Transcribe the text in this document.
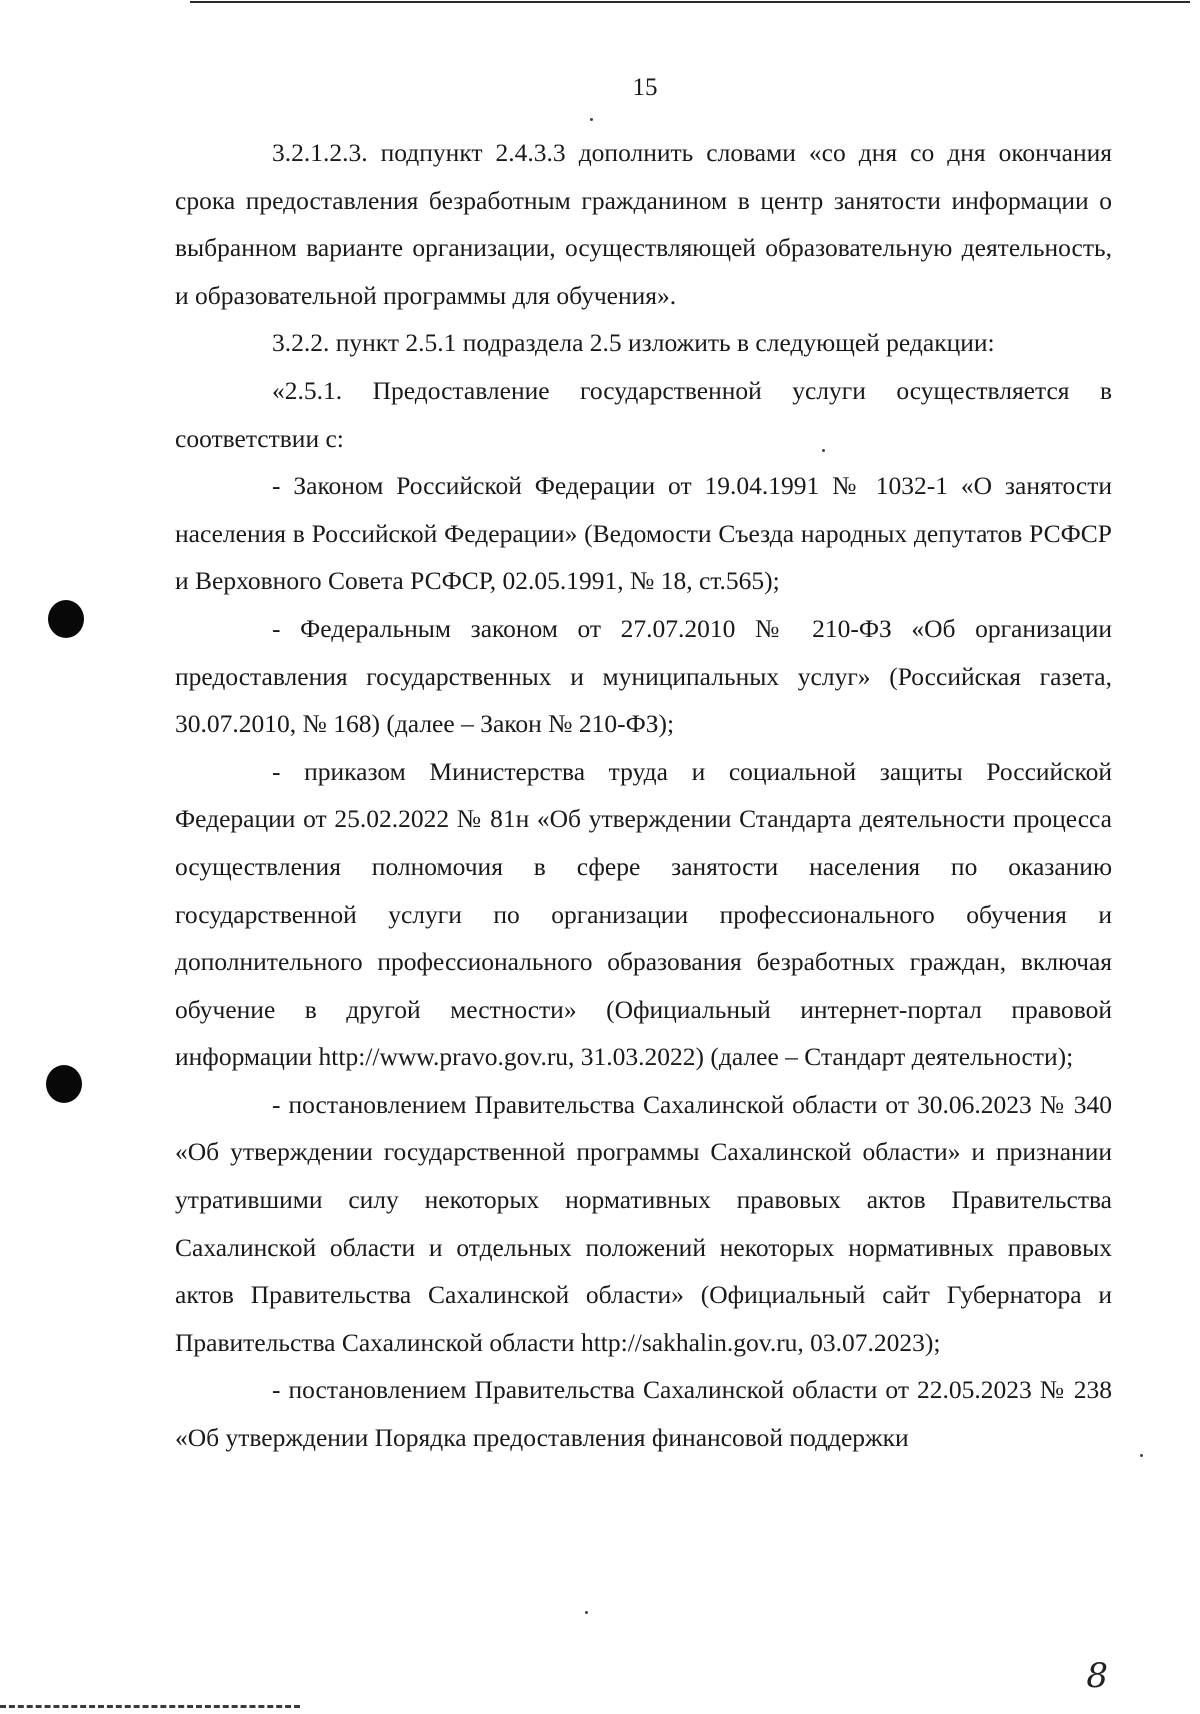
15

3.2.1.2.3. подпункт 2.4.3.3 дополнить словами «со дня со дня окончания срока предоставления безработным гражданином в центр занятости информации о выбранном варианте организации, осуществляющей образовательную деятельность, и образовательной программы для обучения».

3.2.2. пункт 2.5.1 подраздела 2.5 изложить в следующей редакции:

«2.5.1. Предоставление государственной услуги осуществляется в соответствии с:

- Законом Российской Федерации от 19.04.1991 № 1032-1 «О занятости населения в Российской Федерации» (Ведомости Съезда народных депутатов РСФСР и Верховного Совета РСФСР, 02.05.1991, № 18, ст.565);

- Федеральным законом от 27.07.2010 № 210-ФЗ «Об организации предоставления государственных и муниципальных услуг» (Российская газета, 30.07.2010, № 168) (далее – Закон № 210-ФЗ);

- приказом Министерства труда и социальной защиты Российской Федерации от 25.02.2022 № 81н «Об утверждении Стандарта деятельности процесса осуществления полномочия в сфере занятости населения по оказанию государственной услуги по организации профессионального обучения и дополнительного профессионального образования безработных граждан, включая обучение в другой местности» (Официальный интернет-портал правовой информации http://www.pravo.gov.ru, 31.03.2022) (далее – Стандарт деятельности);

- постановлением Правительства Сахалинской области от 30.06.2023 № 340 «Об утверждении государственной программы Сахалинской области» и признании утратившими силу некоторых нормативных правовых актов Правительства Сахалинской области и отдельных положений некоторых нормативных правовых актов Правительства Сахалинской области» (Официальный сайт Губернатора и Правительства Сахалинской области http://sakhalin.gov.ru, 03.07.2023);

- постановлением Правительства Сахалинской области от 22.05.2023 № 238 «Об утверждении Порядка предоставления финансовой поддержки

8
